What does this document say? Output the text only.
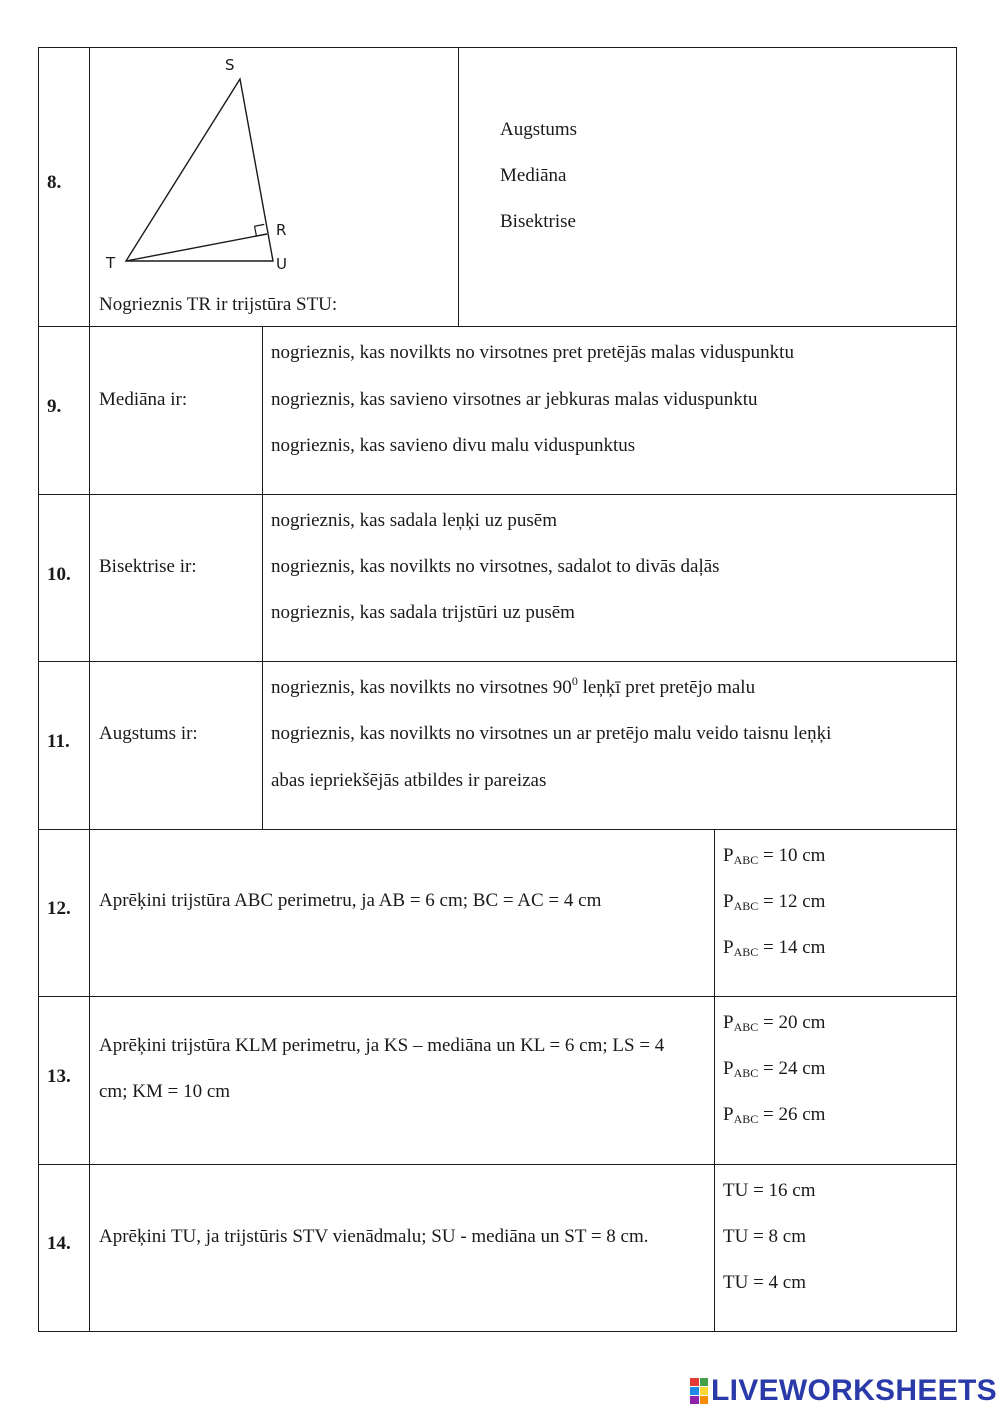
8.
S
R
T	U
Nogrieznis TR ir trijstūra STU:
Augstums
Mediāna
Bisektrise
9. Mediāna ir:
nogrieznis, kas novilkts no virsotnes pret pretējās malas viduspunktu
nogrieznis, kas savieno virsotnes ar jebkuras malas viduspunktu
nogrieznis, kas savieno divu malu viduspunktus
10. Bisektrise ir:
nogrieznis, kas sadala leņķi uz pusēm
nogrieznis, kas novilkts no virsotnes, sadalot to divās daļās
nogrieznis, kas sadala trijstūri uz pusēm
11. Augstums ir:
nogrieznis, kas novilkts no virsotnes $90^0$ leņķī pret pretējo malu
nogrieznis, kas novilkts no virsotnes un ar pretējo malu veido taisnu leņķi
abas iepriekšējās atbildes ir pareizas
12. Aprēķini trijstūra ABC perimetru, ja AB = 6 cm; BC = AC = 4 cm
$P_{ABC} = 10$ cm
$P_{ABC} = 12$ cm
$P_{ABC} = 14$ cm
13.
Aprēķini trijstūra KLM perimetru, ja KS – mediāna un KL = 6 cm; LS = 4
cm; KM = 10 cm
$P_{ABC} = 20$ cm
$P_{ABC} = 24$ cm
$P_{ABC} = 26$ cm
14. Aprēķini TU, ja trijstūris STV vienādmalu; SU - mediāna un ST = 8 cm.
TU = 16 cm
TU = 8 cm
TU = 4 cm
LIVEWORKSHEETS
